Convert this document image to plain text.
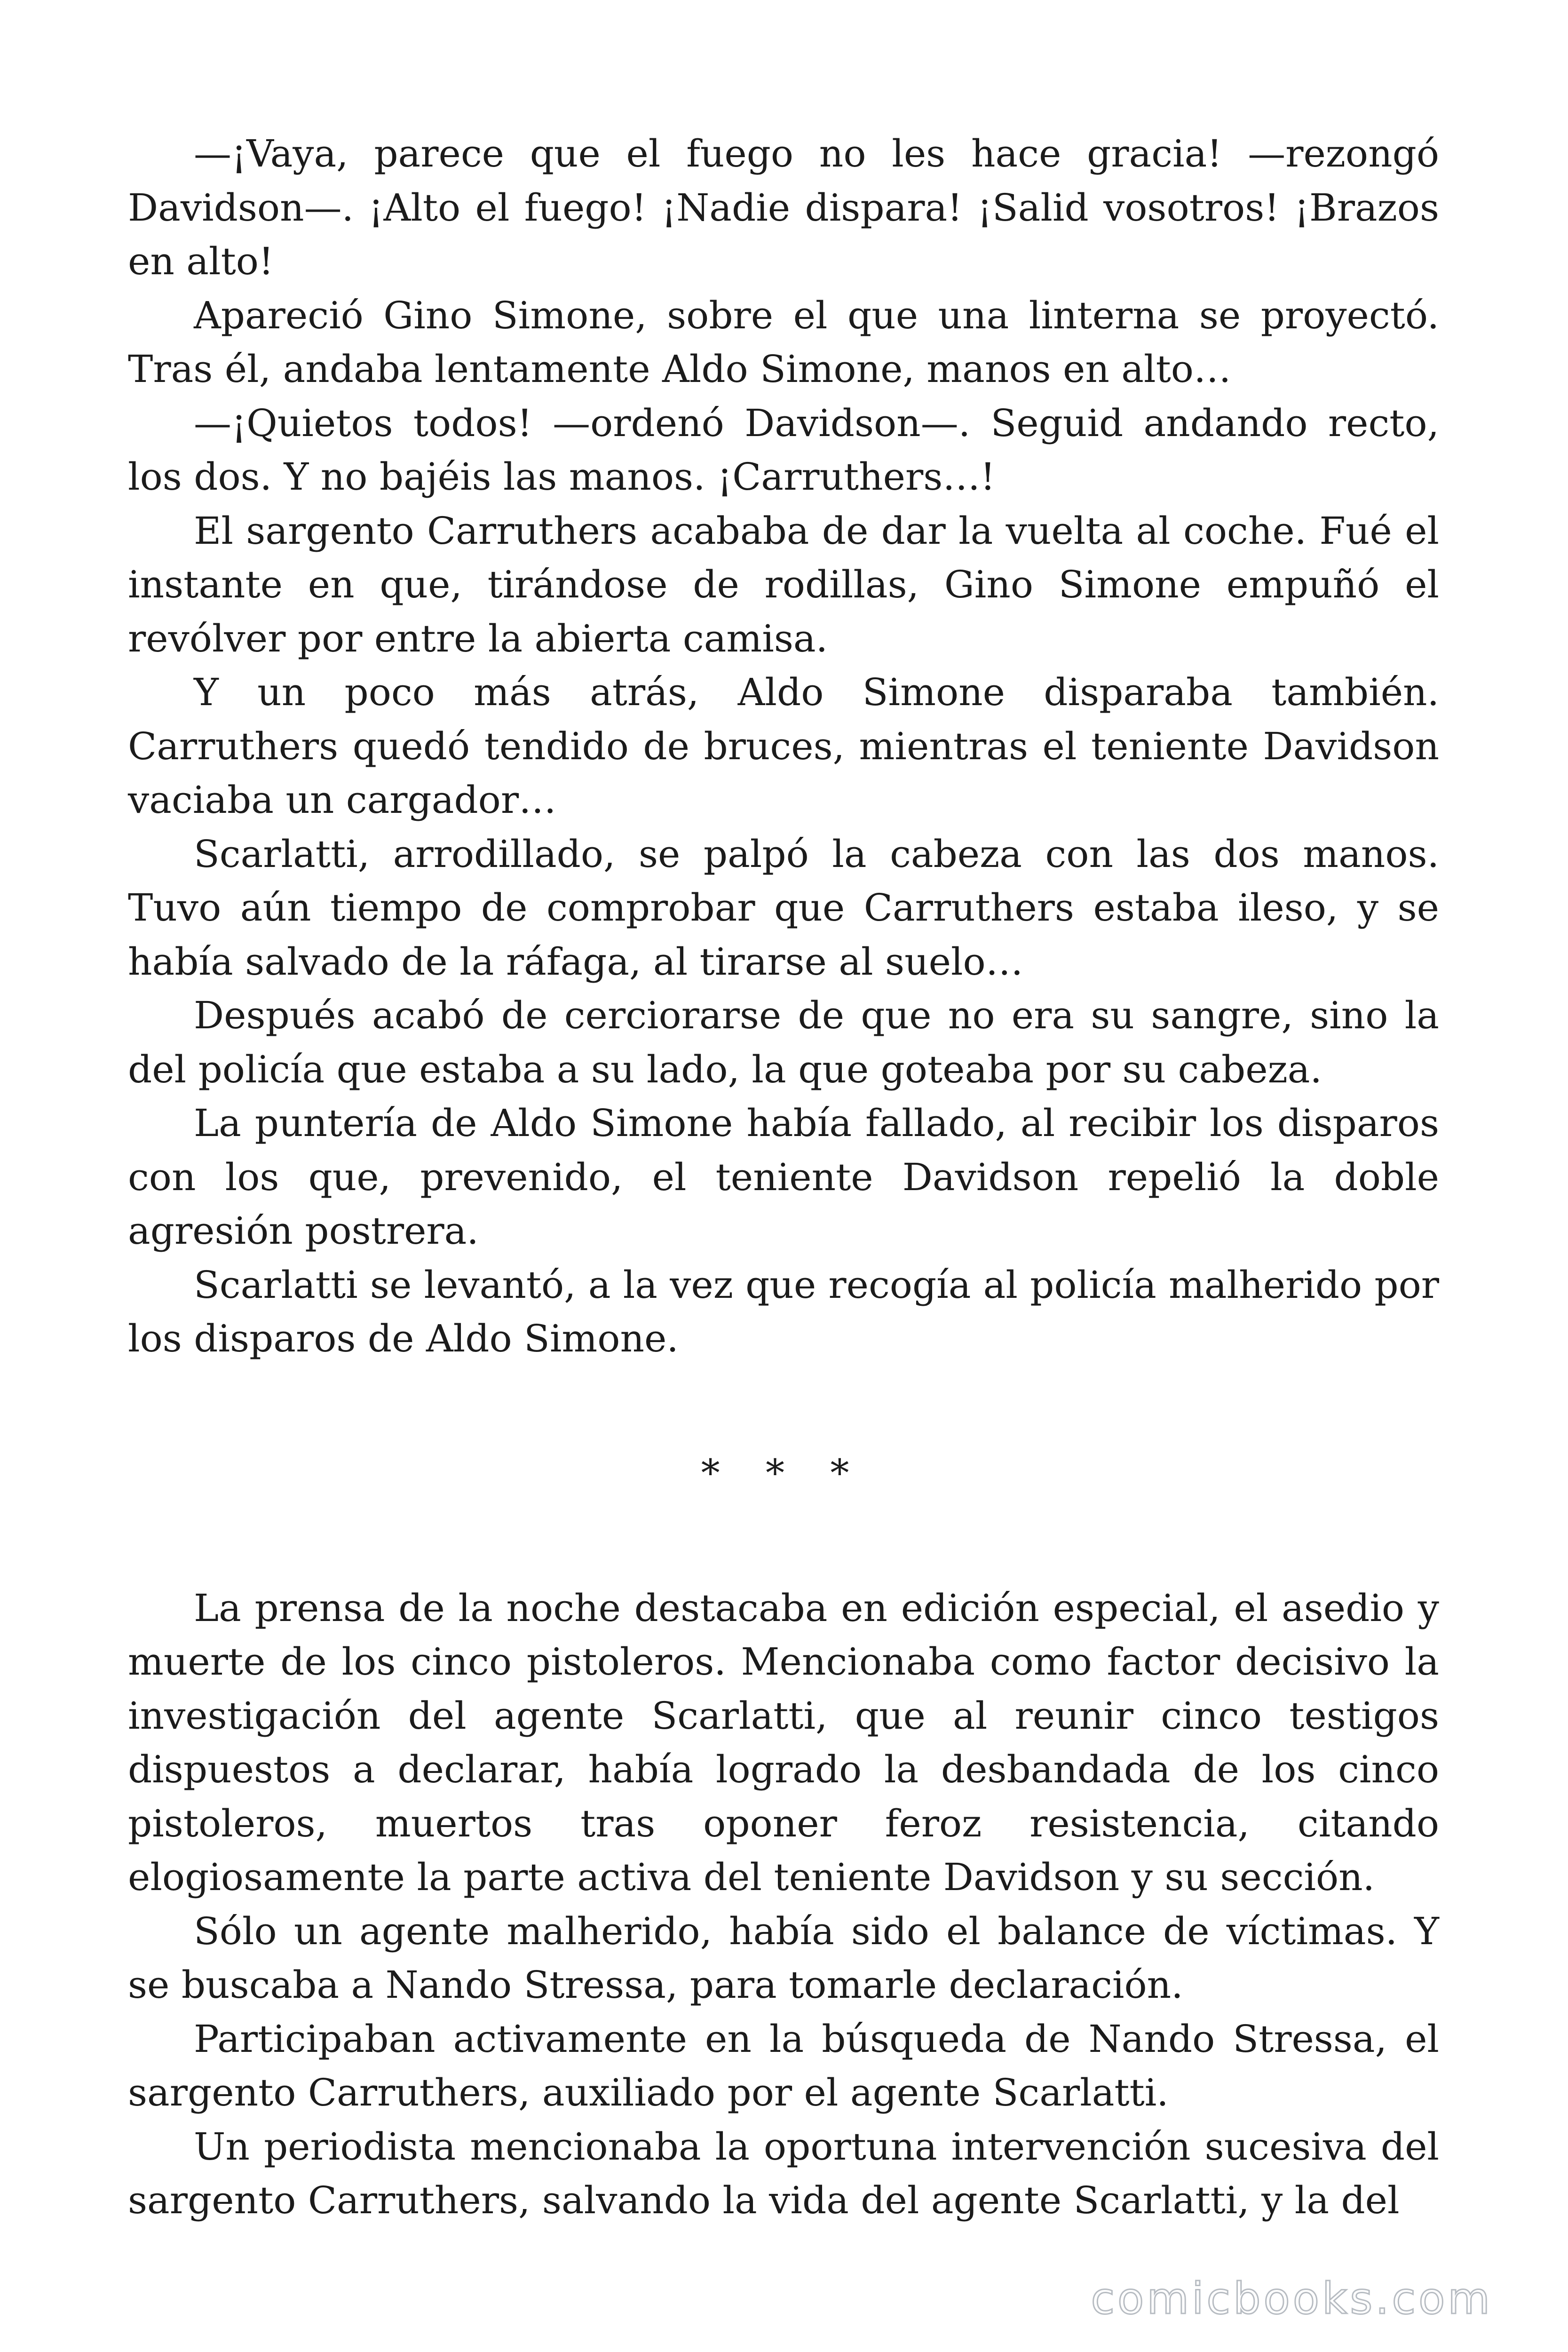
—¡Vaya, parece que el fuego no les hace gracia! —rezongó Davidson—. ¡Alto el fuego! ¡Nadie dispara! ¡Salid vosotros! ¡Brazos en alto!

Apareció Gino Simone, sobre el que una linterna se proyectó. Tras él, andaba lentamente Aldo Simone, manos en alto…

—¡Quietos todos! —ordenó Davidson—. Seguid andando recto, los dos. Y no bajéis las manos. ¡Carruthers…!

El sargento Carruthers acababa de dar la vuelta al coche. Fué el instante en que, tirándose de rodillas, Gino Simone empuñó el revólver por entre la abierta camisa.

Y un poco más atrás, Aldo Simone disparaba también. Carruthers quedó tendido de bruces, mientras el teniente Davidson vaciaba un cargador…

Scarlatti, arrodillado, se palpó la cabeza con las dos manos. Tuvo aún tiempo de comprobar que Carruthers estaba ileso, y se había salvado de la ráfaga, al tirarse al suelo…

Después acabó de cerciorarse de que no era su sangre, sino la del policía que estaba a su lado, la que goteaba por su cabeza.

La puntería de Aldo Simone había fallado, al recibir los disparos con los que, prevenido, el teniente Davidson repelió la doble agresión postrera.

Scarlatti se levantó, a la vez que recogía al policía malherido por los disparos de Aldo Simone.

* * *

La prensa de la noche destacaba en edición especial, el asedio y muerte de los cinco pistoleros. Mencionaba como factor decisivo la investigación del agente Scarlatti, que al reunir cinco testigos dispuestos a declarar, había logrado la desbandada de los cinco pistoleros, muertos tras oponer feroz resistencia, citando elogiosamente la parte activa del teniente Davidson y su sección.

Sólo un agente malherido, había sido el balance de víctimas. Y se buscaba a Nando Stressa, para tomarle declaración.

Participaban activamente en la búsqueda de Nando Stressa, el sargento Carruthers, auxiliado por el agente Scarlatti.

Un periodista mencionaba la oportuna intervención sucesiva del sargento Carruthers, salvando la vida del agente Scarlatti, y la del

comicbooks.com
